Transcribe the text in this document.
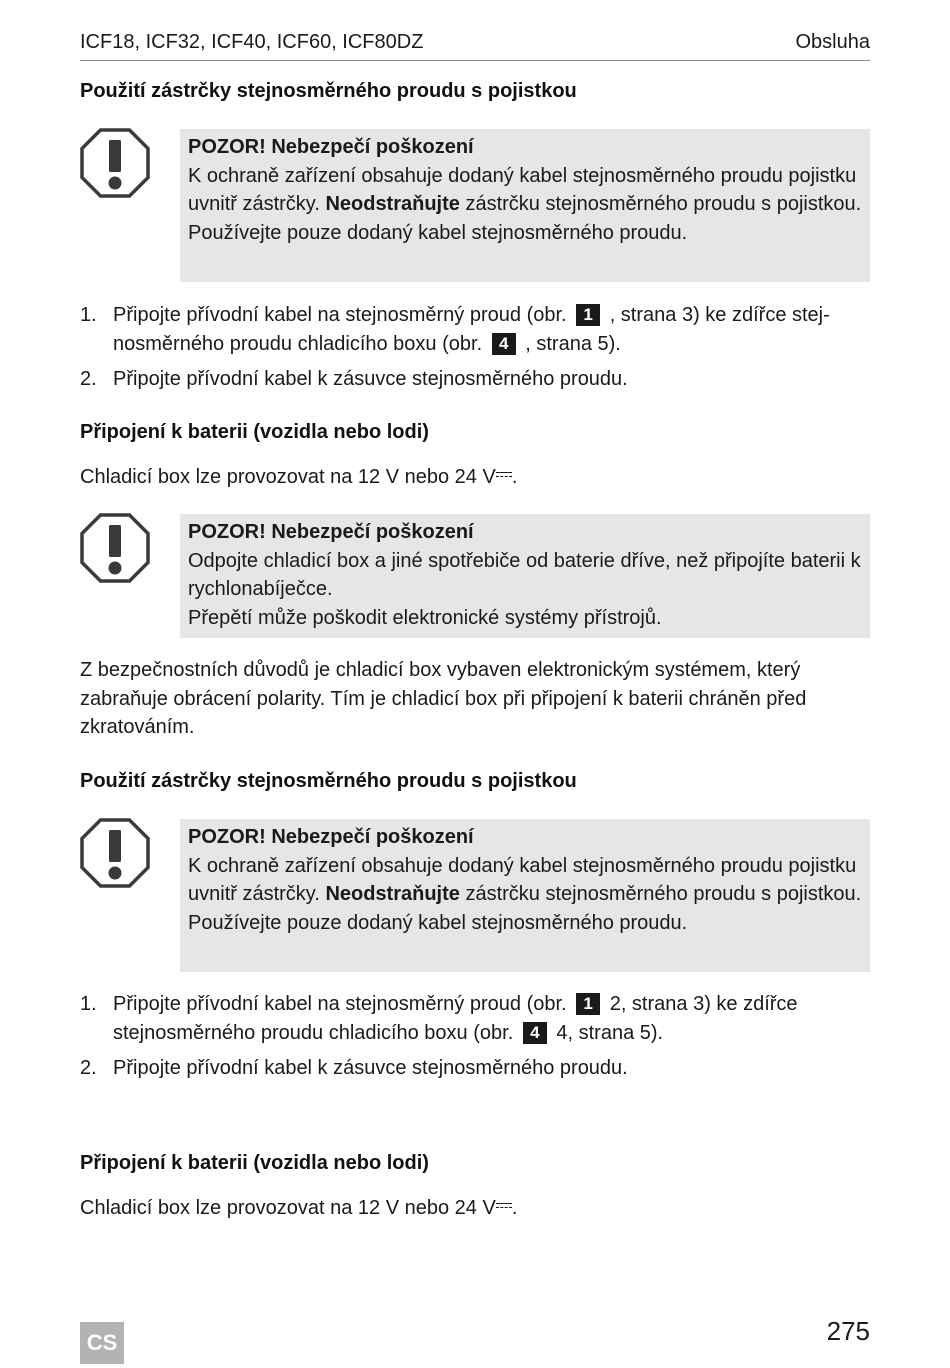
ICF18, ICF32, ICF40, ICF60, ICF80DZ	Obsluha
Použití zástrčky stejnosměrného proudu s pojistkou

POZOR! Nebezpečí poškození

K ochraně zařízení obsahuje dodaný kabel stejnosměrného proudu pojistku uvnitř zástrčky. Neodstraňujte zástrčku stejnosměrného proudu s pojistkou.

Používejte pouze dodaný kabel stejnosměrného proudu.

1. Připojte přívodní kabel na stejnosměrný proud (obr. 1 , strana 3) ke zdířce stej-nosměrného proudu chladicího boxu (obr. 4 , strana 5).
2. Připojte přívodní kabel k zásuvce stejnosměrného proudu.
Připojení k baterii (vozidla nebo lodi)

Chladicí box lze provozovat na 12 V nebo 24 V .

POZOR! Nebezpečí poškození

Odpojte chladicí box a jiné spotřebiče od baterie dříve, než připojíte baterii k rychlonabíječce.

Přepětí může poškodit elektronické systémy přístrojů.

Z bezpečnostních důvodů je chladicí box vybaven elektronickým systémem, který zabraňuje obrácení polarity. Tím je chladicí box při připojení k baterii chráněn před zkratováním.

Použití zástrčky stejnosměrného proudu s pojistkou

POZOR! Nebezpečí poškození

K ochraně zařízení obsahuje dodaný kabel stejnosměrného proudu pojistku uvnitř zástrčky. Neodstraňujte zástrčku stejnosměrného proudu s pojistkou.

Používejte pouze dodaný kabel stejnosměrného proudu.

1. Připojte přívodní kabel na stejnosměrný proud (obr. 1 2, strana 3) ke zdířce stejnosměrného proudu chladicího boxu (obr. 4 4, strana 5).
2. Připojte přívodní kabel k zásuvce stejnosměrného proudu.
Připojení k baterii (vozidla nebo lodi)

Chladicí box lze provozovat na 12 V nebo 24 V .

CS	275
